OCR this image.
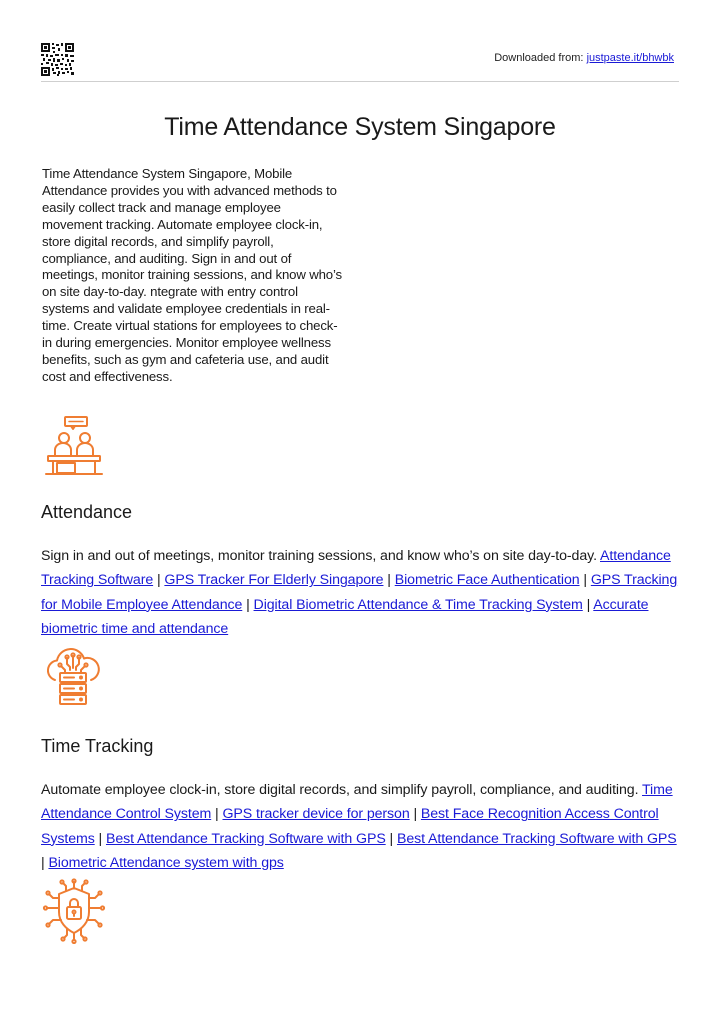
Downloaded from: justpaste.it/bhwbk
Time Attendance System Singapore

Time Attendance System Singapore, Mobile Attendance provides you with advanced methods to easily collect track and manage employee movement tracking. Automate employee clock-in, store digital records, and simplify payroll, compliance, and auditing. Sign in and out of meetings, monitor training sessions, and know who’s on site day-to-day. ntegrate with entry control systems and validate employee credentials in real-time. Create virtual stations for employees to check-in during emergencies. Monitor employee wellness benefits, such as gym and cafeteria use, and audit cost and effectiveness.

Attendance

Sign in and out of meetings, monitor training sessions, and know who’s on site day-to-day. Attendance Tracking Software | GPS Tracker For Elderly Singapore | Biometric Face Authentication | GPS Tracking for Mobile Employee Attendance | Digital Biometric Attendance & Time Tracking System | Accurate biometric time and attendance

Time Tracking

Automate employee clock-in, store digital records, and simplify payroll, compliance, and auditing. Time Attendance Control System | GPS tracker device for person | Best Face Recognition Access Control Systems | Best Attendance Tracking Software with GPS | Best Attendance Tracking Software with GPS | Biometric Attendance system with gps
